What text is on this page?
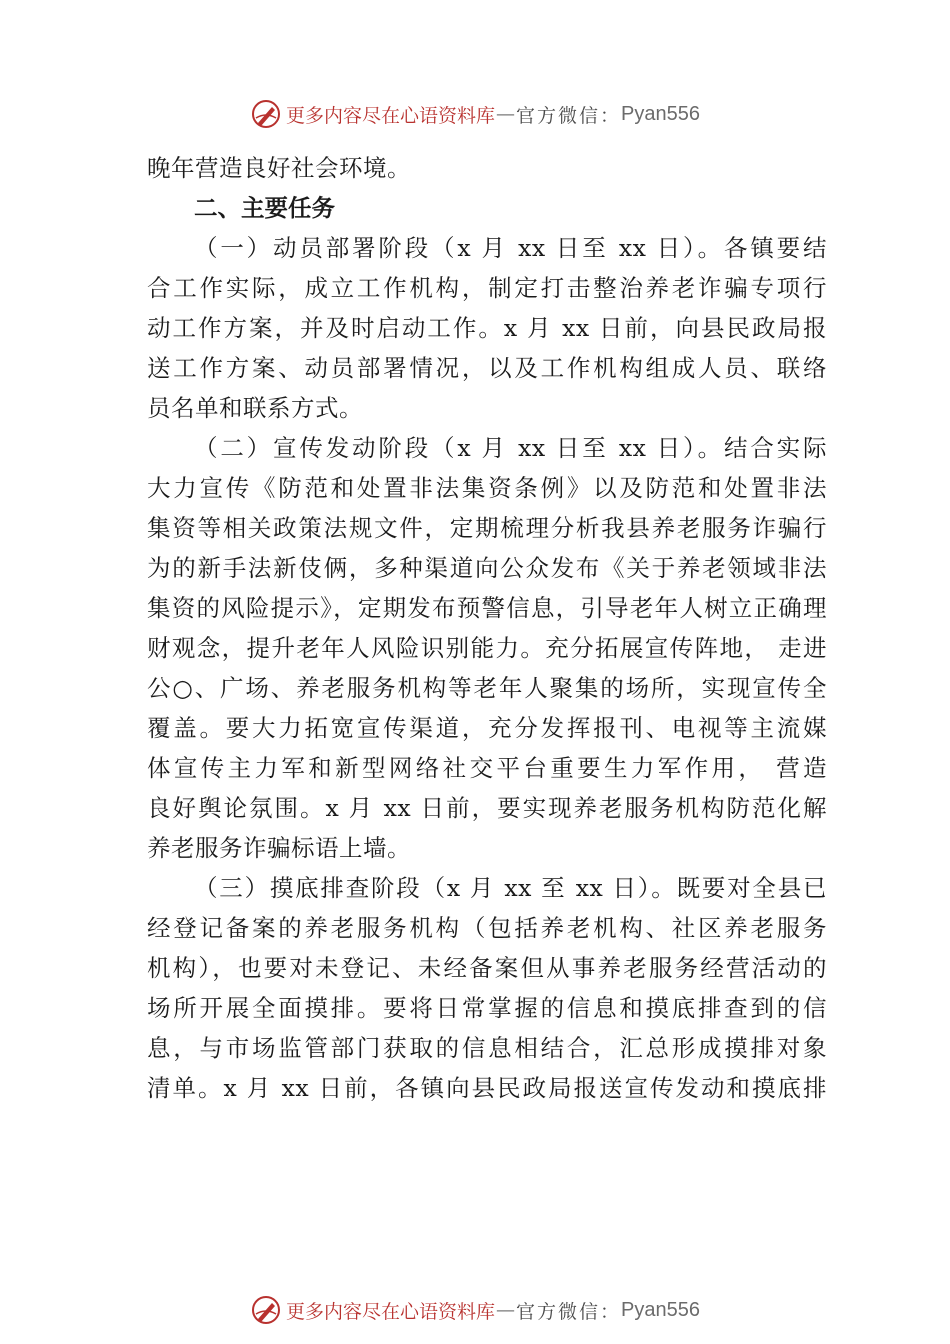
更多内容尽在心语资料库 — 官方微信： Pyan556
晚年营造良好社会环境。
二、主要任务
（一）动员部署阶段（x 月 xx 日至 xx 日）。各镇要结
合工作实际，成立工作机构，制定打击整治养老诈骗专项行
动工作方案，并及时启动工作。x 月 xx 日前，向县民政局报
送工作方案、动员部署情况，以及工作机构组成人员、联络
员名单和联系方式。
（二）宣传发动阶段（x 月 xx 日至 xx 日）。结合实际
大力宣传《防范和处置非法集资条例》以及防范和处置非法
集资等相关政策法规文件，定期梳理分析我县养老服务诈骗行
为的新手法新伎俩，多种渠道向公众发布《关于养老领域非法
集资的风险提示》，定期发布预警信息，引导老年人树立正确理
财观念，提升老年人风险识别能力。充分拓展宣传阵地， 走进
公○、广场、养老服务机构等老年人聚集的场所，实现宣传全
覆盖。要大力拓宽宣传渠道，充分发挥报刊、电视等主流媒
体宣传主力军和新型网络社交平台重要生力军作用， 营造
良好舆论氛围。x 月 xx 日前，要实现养老服务机构防范化解
养老服务诈骗标语上墙。
（三）摸底排查阶段（x 月 xx 至 xx 日）。既要对全县已
经登记备案的养老服务机构（包括养老机构、社区养老服务
机构），也要对未登记、未经备案但从事养老服务经营活动的
场所开展全面摸排。要将日常掌握的信息和摸底排查到的信
息，与市场监管部门获取的信息相结合，汇总形成摸排对象
清单。x 月 xx 日前，各镇向县民政局报送宣传发动和摸底排
更多内容尽在心语资料库 — 官方微信： Pyan556
